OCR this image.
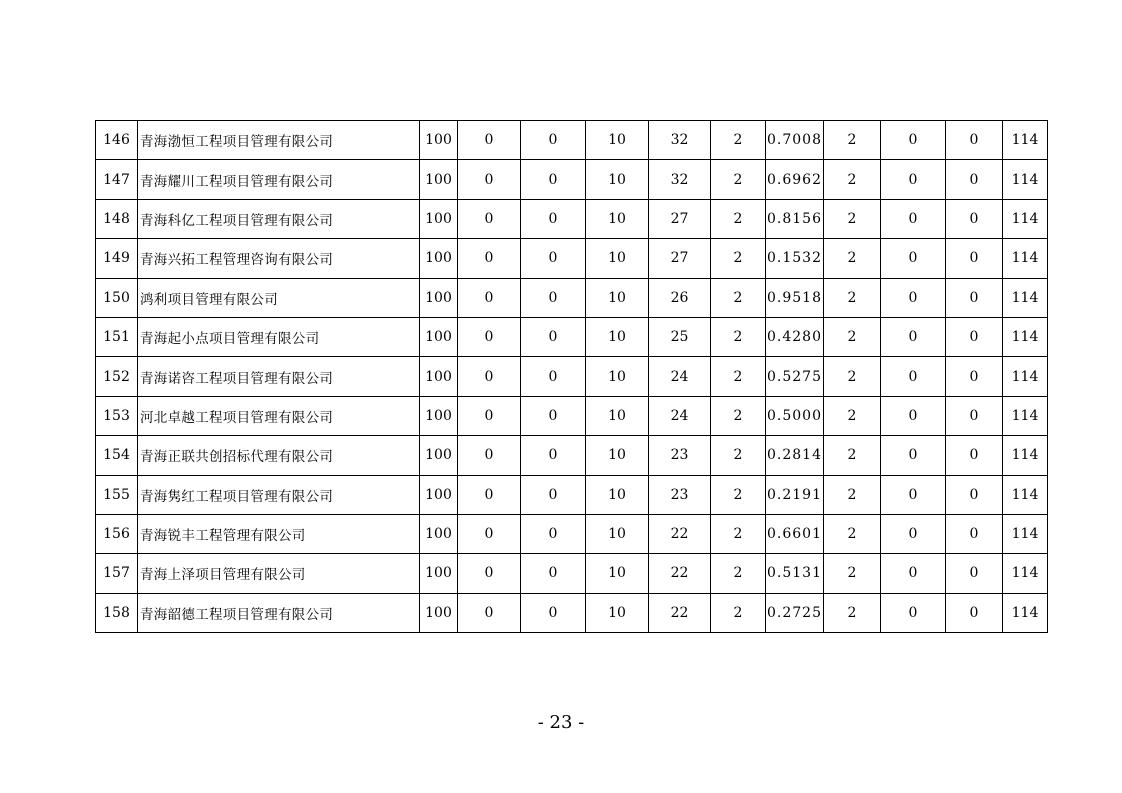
146	青海渤恒工程项目管理有限公司	100	0	0	10	32	2	0.7008	2	0	0	114
147	青海耀川工程项目管理有限公司	100	0	0	10	32	2	0.6962	2	0	0	114
148	青海科亿工程项目管理有限公司	100	0	0	10	27	2	0.8156	2	0	0	114
149	青海兴拓工程管理咨询有限公司	100	0	0	10	27	2	0.1532	2	0	0	114
150	鸿利项目管理有限公司	100	0	0	10	26	2	0.9518	2	0	0	114
151	青海起小点项目管理有限公司	100	0	0	10	25	2	0.4280	2	0	0	114
152	青海诺咨工程项目管理有限公司	100	0	0	10	24	2	0.5275	2	0	0	114
153	河北卓越工程项目管理有限公司	100	0	0	10	24	2	0.5000	2	0	0	114
154	青海正联共创招标代理有限公司	100	0	0	10	23	2	0.2814	2	0	0	114
155	青海隽红工程项目管理有限公司	100	0	0	10	23	2	0.2191	2	0	0	114
156	青海锐丰工程管理有限公司	100	0	0	10	22	2	0.6601	2	0	0	114
157	青海上泽项目管理有限公司	100	0	0	10	22	2	0.5131	2	0	0	114
158	青海韶德工程项目管理有限公司	100	0	0	10	22	2	0.2725	2	0	0	114
- 23 -
